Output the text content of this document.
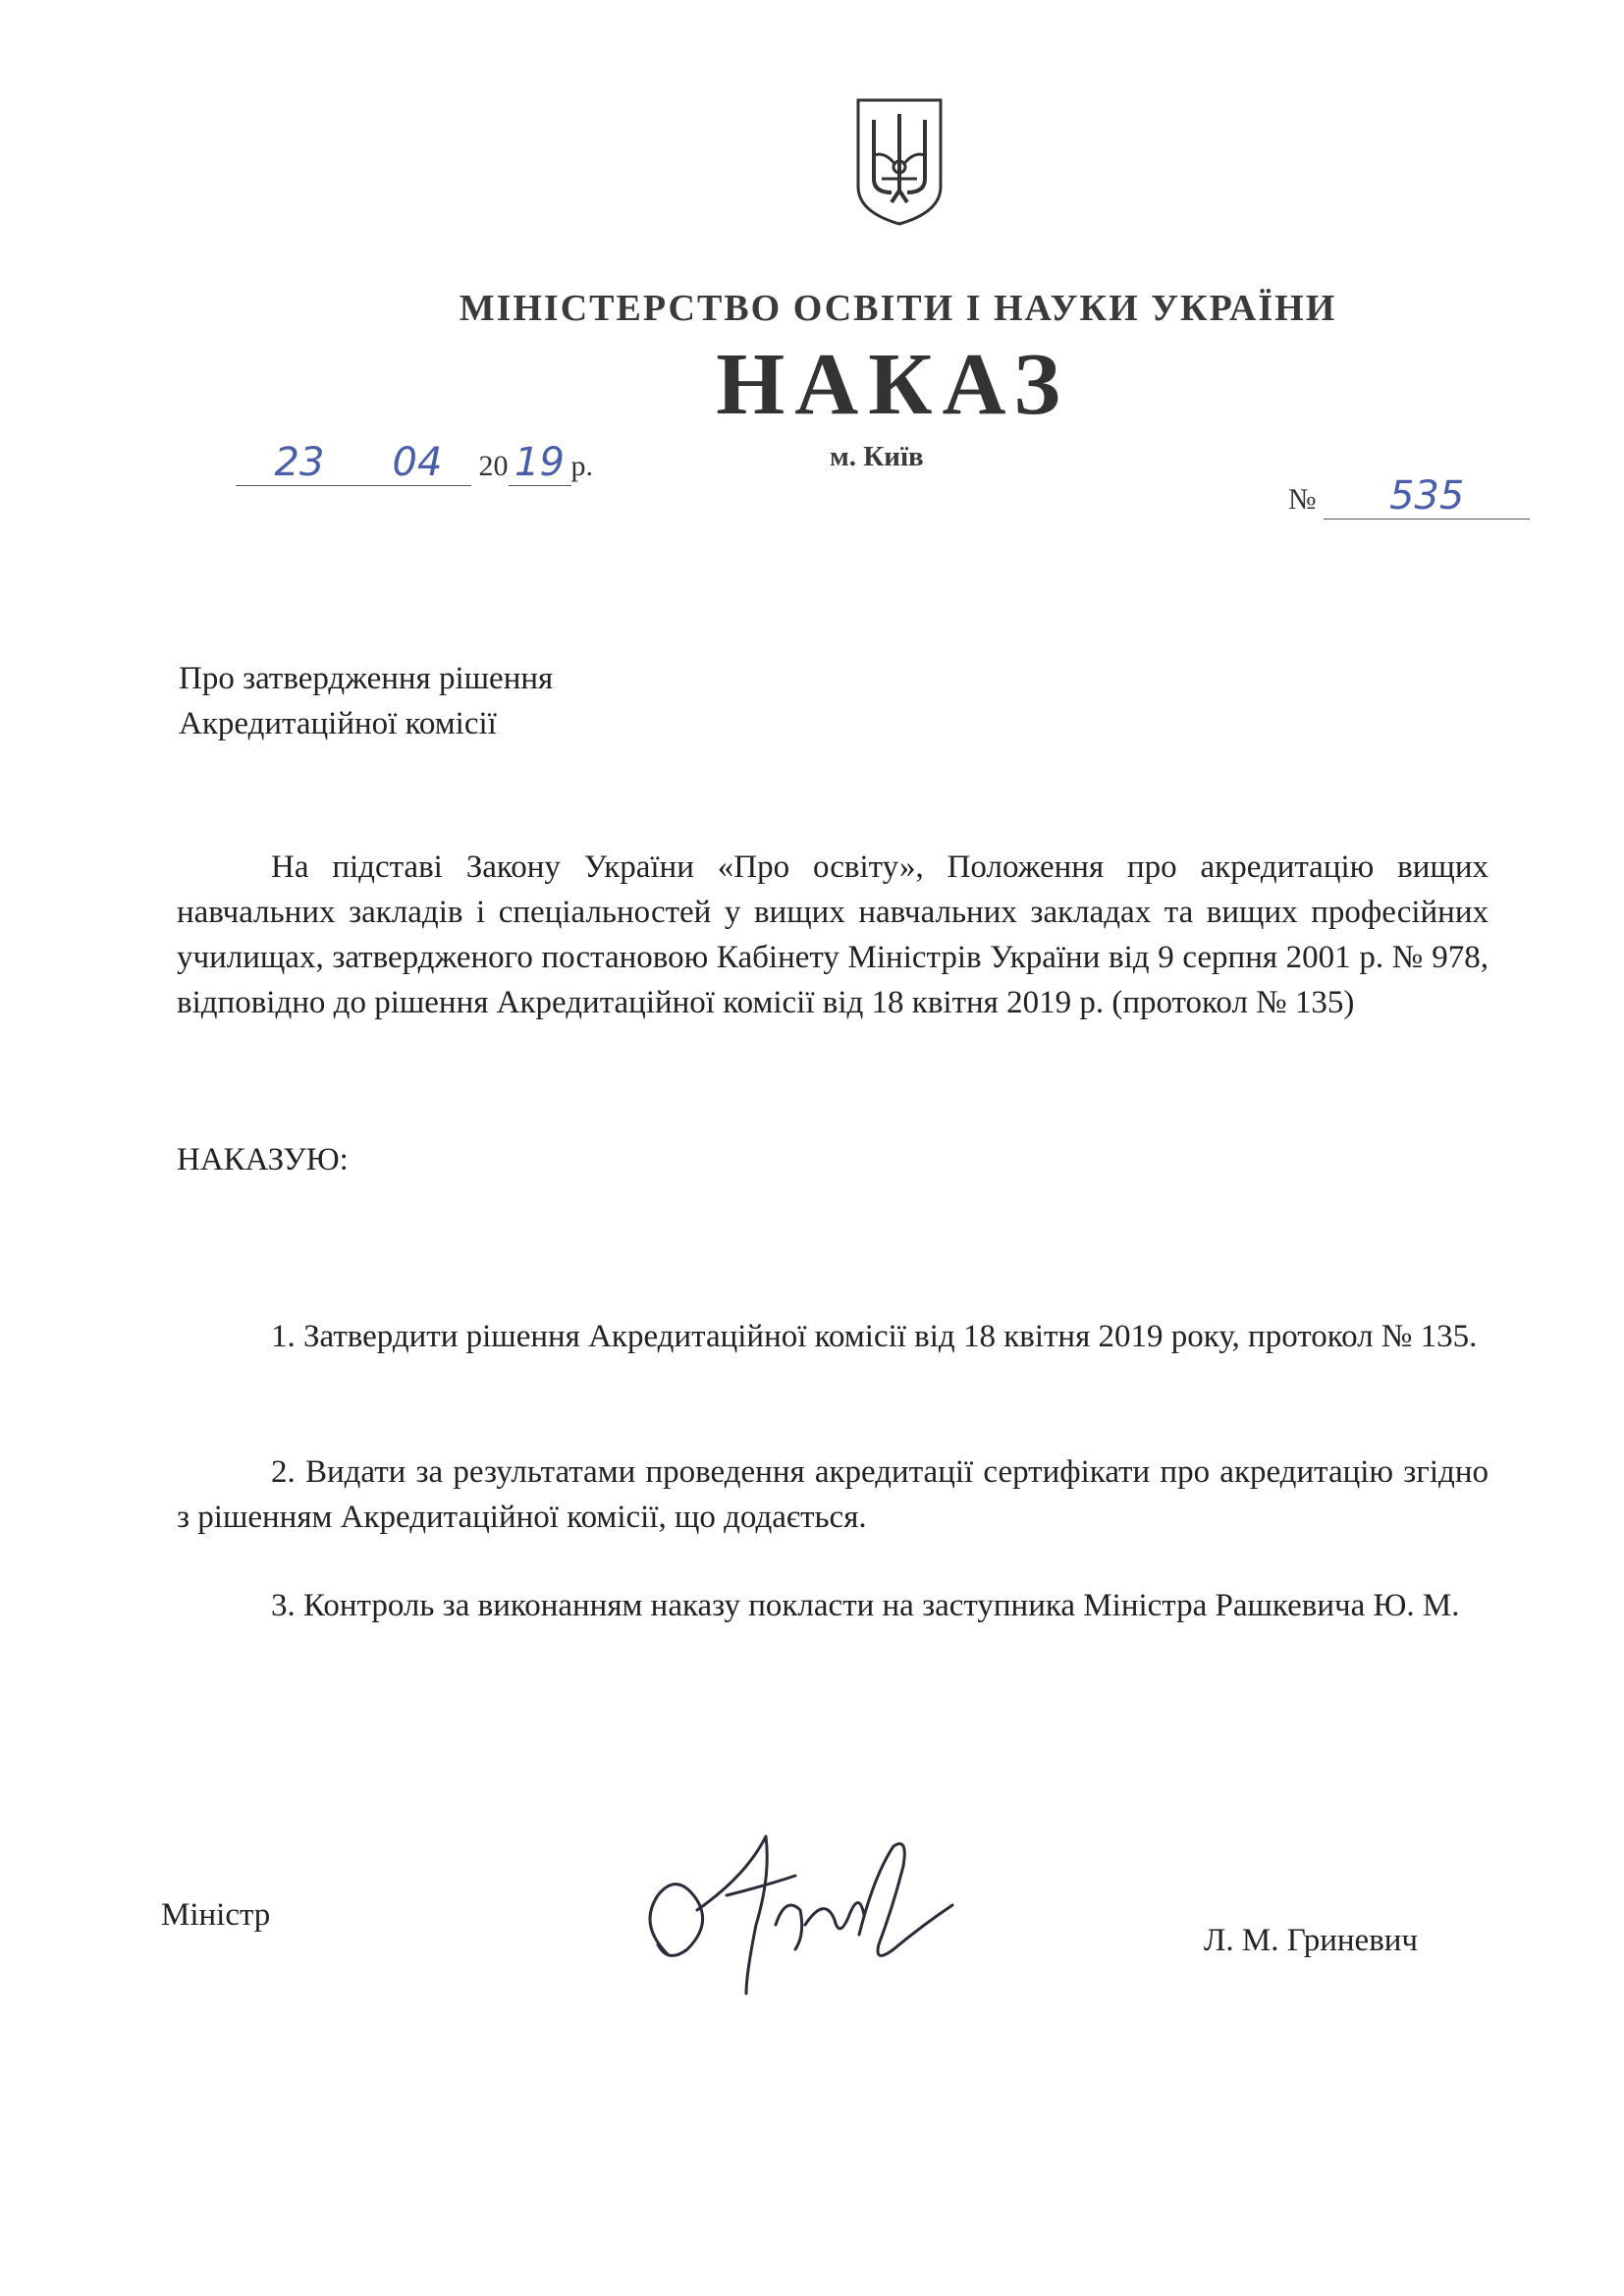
МІНІСТЕРСТВО ОСВІТИ І НАУКИ УКРАЇНИ
НАКАЗ
23 04 20 19 р.	м. Київ
№ 535
Про затвердження рішення
Акредитаційної комісії
На підставі Закону України «Про освіту», Положення про акредитацію вищих навчальних закладів і спеціальностей у вищих навчальних закладах та вищих професійних училищах, затвердженого постановою Кабінету Міністрів України від 9 серпня 2001 р. № 978, відповідно до рішення Акредитаційної комісії від 18 квітня 2019 р. (протокол № 135)
НАКАЗУЮ:
1. Затвердити рішення Акредитаційної комісії від 18 квітня 2019 року, протокол № 135.
2. Видати за результатами проведення акредитації сертифікати про акредитацію згідно з рішенням Акредитаційної комісії, що додається.
3. Контроль за виконанням наказу покласти на заступника Міністра Рашкевича Ю. М.
Міністр
Л. М. Гриневич
